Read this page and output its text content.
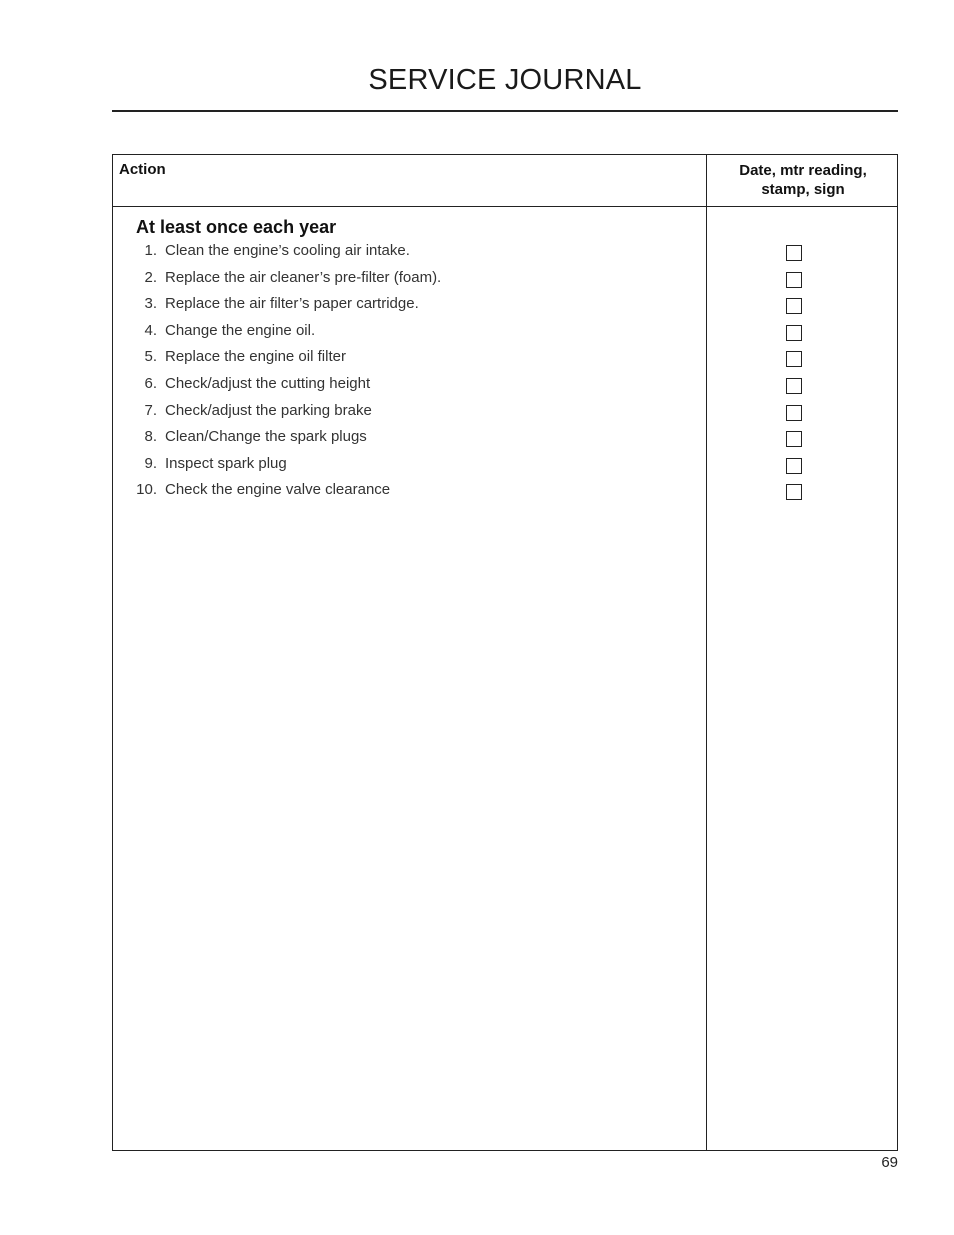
SERVICE JOURNAL
Action	Date, mtr reading,
stamp, sign
At least once each year
1. Clean the engine’s cooling air intake.
2. Replace the air cleaner’s pre-filter (foam).
3. Replace the air filter’s paper cartridge.
4. Change the engine oil.
5. Replace the engine oil filter
6. Check/adjust the cutting height
7. Check/adjust the parking brake
8. Clean/Change the spark plugs
9. Inspect spark plug
10. Check the engine valve clearance
69
